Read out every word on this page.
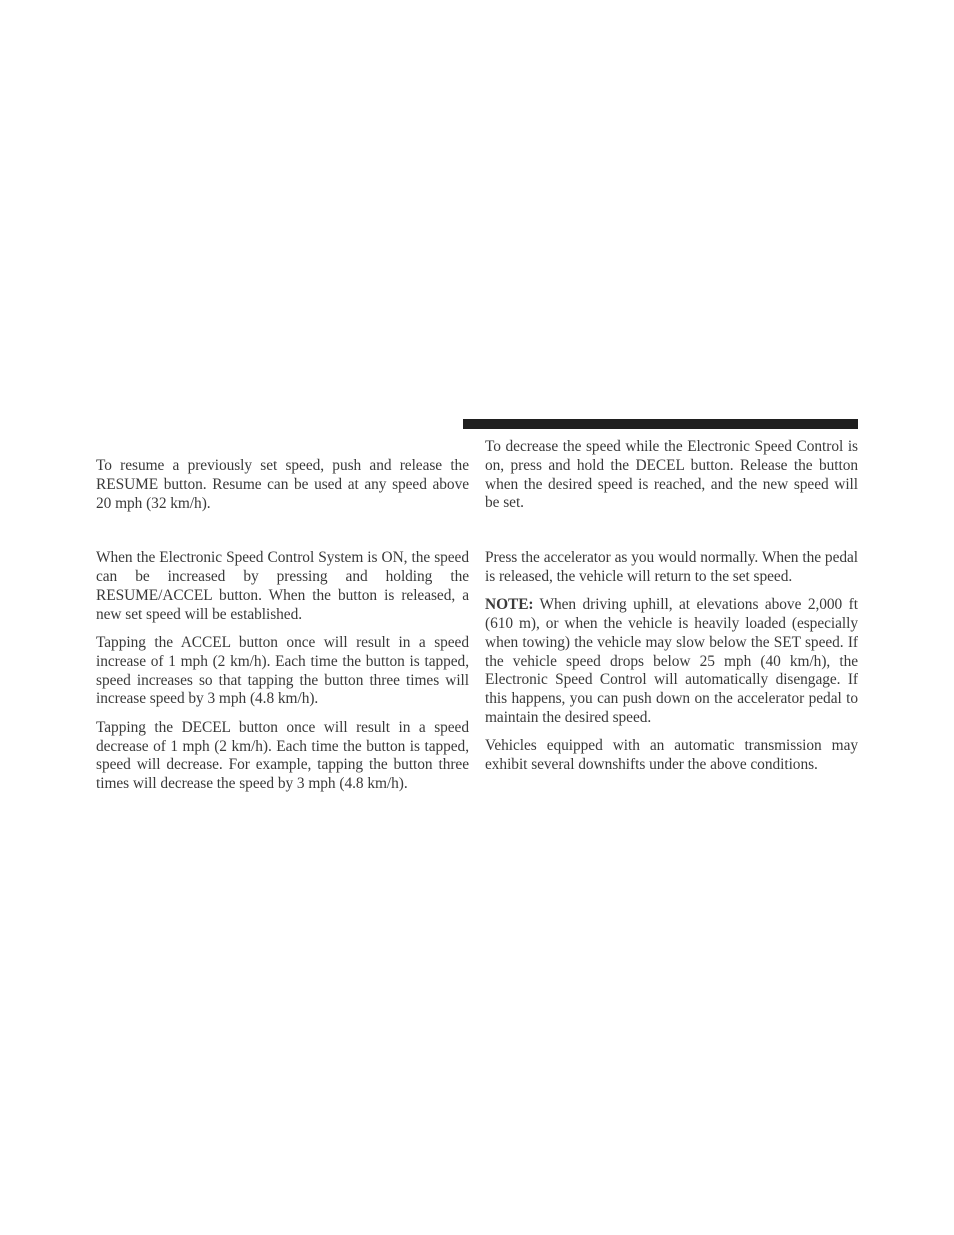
To resume a previously set speed, push and release the RESUME button. Resume can be used at any speed above 20 mph (32 km/h).

When the Electronic Speed Control System is ON, the speed can be increased by pressing and holding the RESUME/ACCEL button. When the button is released, a new set speed will be established.

Tapping the ACCEL button once will result in a speed increase of 1 mph (2 km/h). Each time the button is tapped, speed increases so that tapping the button three times will increase speed by 3 mph (4.8 km/h).

Tapping the DECEL button once will result in a speed decrease of 1 mph (2 km/h). Each time the button is tapped, speed will decrease. For example, tapping the button three times will decrease the speed by 3 mph (4.8 km/h).

To decrease the speed while the Electronic Speed Control is on, press and hold the DECEL button. Release the button when the desired speed is reached, and the new speed will be set.

Press the accelerator as you would normally. When the pedal is released, the vehicle will return to the set speed.

NOTE: When driving uphill, at elevations above 2,000 ft (610 m), or when the vehicle is heavily loaded (especially when towing) the vehicle may slow below the SET speed. If the vehicle speed drops below 25 mph (40 km/h), the Electronic Speed Control will automatically disengage. If this happens, you can push down on the accelerator pedal to maintain the desired speed.

Vehicles equipped with an automatic transmission may exhibit several downshifts under the above conditions.
